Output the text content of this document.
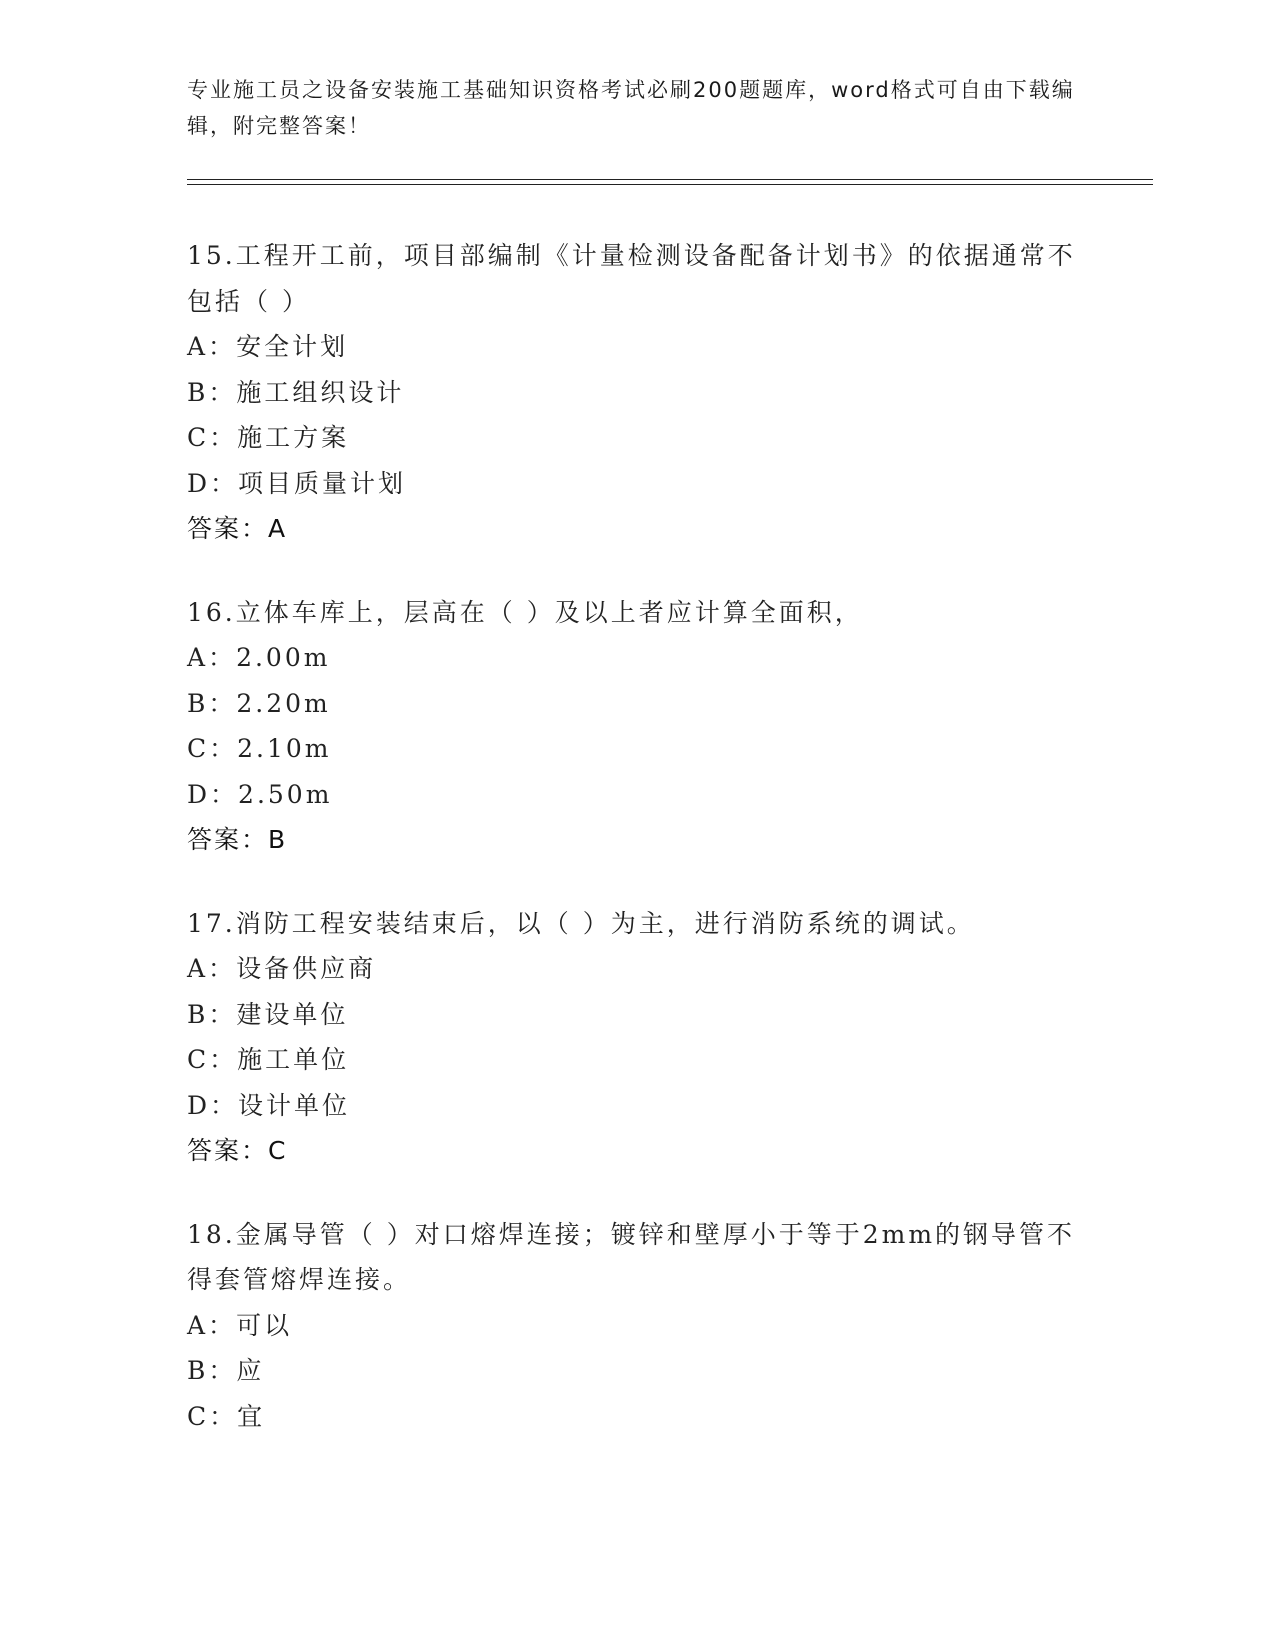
专业施工员之设备安装施工基础知识资格考试必刷200题题库，word格式可自由下载编辑，附完整答案！
15.工程开工前，项目部编制《计量检测设备配备计划书》的依据通常不包括（ ）
A：安全计划
B：施工组织设计
C：施工方案
D：项目质量计划
答案：A
16.立体车库上，层高在（ ）及以上者应计算全面积，
A：2.00m
B：2.20m
C：2.10m
D：2.50m
答案：B
17.消防工程安装结束后，以（ ）为主，进行消防系统的调试。
A：设备供应商
B：建设单位
C：施工单位
D：设计单位
答案：C
18.金属导管（ ）对口熔焊连接；镀锌和壁厚小于等于2mm的钢导管不得套管熔焊连接。
A：可以
B：应
C：宜
